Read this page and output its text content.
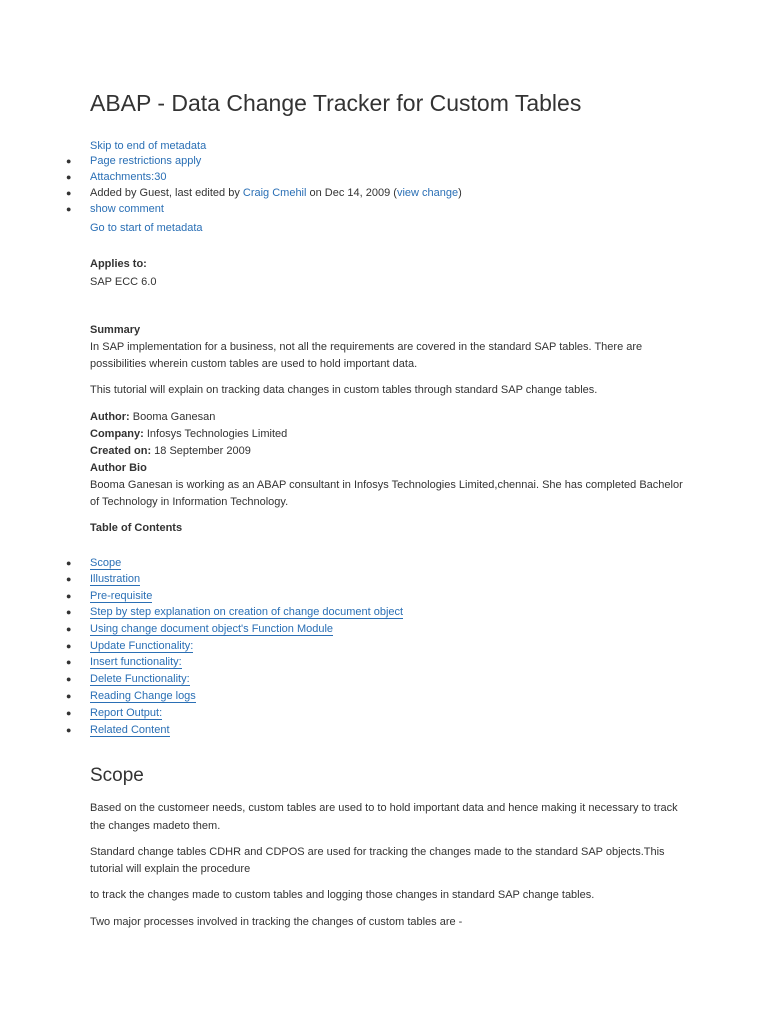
ABAP - Data Change Tracker for Custom Tables
Skip to end of metadata
● Page restrictions apply
● Attachments:30
● Added by Guest, last edited by Craig Cmehil on Dec 14, 2009 (view change)
● show comment
Go to start of metadata
Applies to:
SAP ECC 6.0
Summary
In SAP implementation for a business, not all the requirements are covered in the standard SAP tables. There are
possibilities wherein custom tables are used to hold important data.
This tutorial will explain on tracking data changes in custom tables through standard SAP change tables.
Author: Booma Ganesan
Company: Infosys Technologies Limited
Created on: 18 September 2009
Author Bio
Booma Ganesan is working as an ABAP consultant in Infosys Technologies Limited,chennai. She has completed Bachelor
of Technology in Information Technology.
Table of Contents
● Scope
● Illustration
● Pre-requisite
● Step by step explanation on creation of change document object
● Using change document object's Function Module
● Update Functionality:
● Insert functionality:
● Delete Functionality:
● Reading Change logs
● Report Output:
● Related Content
Scope
Based on the customeer needs, custom tables are used to to hold important data and hence making it necessary to track
the changes madeto them.
Standard change tables CDHR and CDPOS are used for tracking the changes made to the standard SAP objects.This
tutorial will explain the procedure
to track the changes made to custom tables and logging those changes in standard SAP change tables.
Two major processes involved in tracking the changes of custom tables are -
